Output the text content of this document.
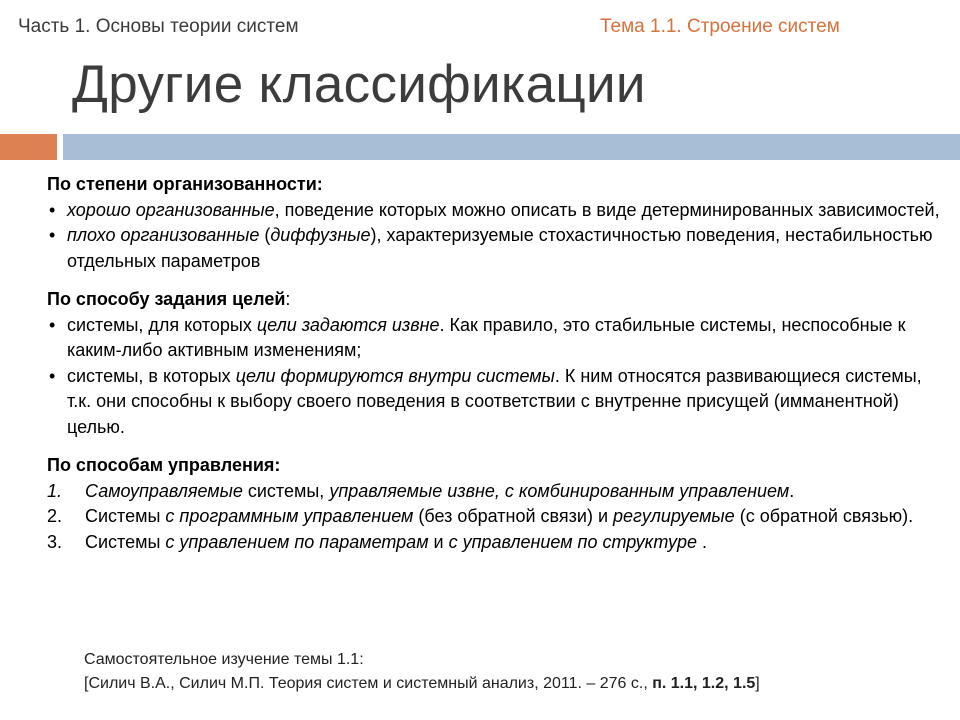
Часть 1. Основы теории систем	Тема 1.1. Строение систем
Другие классификации
По степени организованности:
• хорошо организованные, поведение которых можно описать в виде детерминированных зависимостей,
• плохо организованные (диффузные), характеризуемые стохастичностью поведения, нестабильностью отдельных параметров
По способу задания целей:
• системы, для которых цели задаются извне. Как правило, это стабильные системы, неспособные к каким-либо активным изменениям;
• системы, в которых цели формируются внутри системы. К ним относятся развивающиеся системы, т.к. они способны к выбору своего поведения в соответствии с внутренне присущей (имманентной) целью.
По способам управления:
1. Самоуправляемые системы, управляемые извне, с комбинированным управлением.
2. Системы с программным управлением (без обратной связи) и регулируемые (с обратной связью).
3. Системы с управлением по параметрам и с управлением по структуре .
Самостоятельное изучение темы 1.1:
[Силич В.А., Силич М.П. Теория систем и системный анализ, 2011. – 276 с., п. 1.1, 1.2, 1.5]
